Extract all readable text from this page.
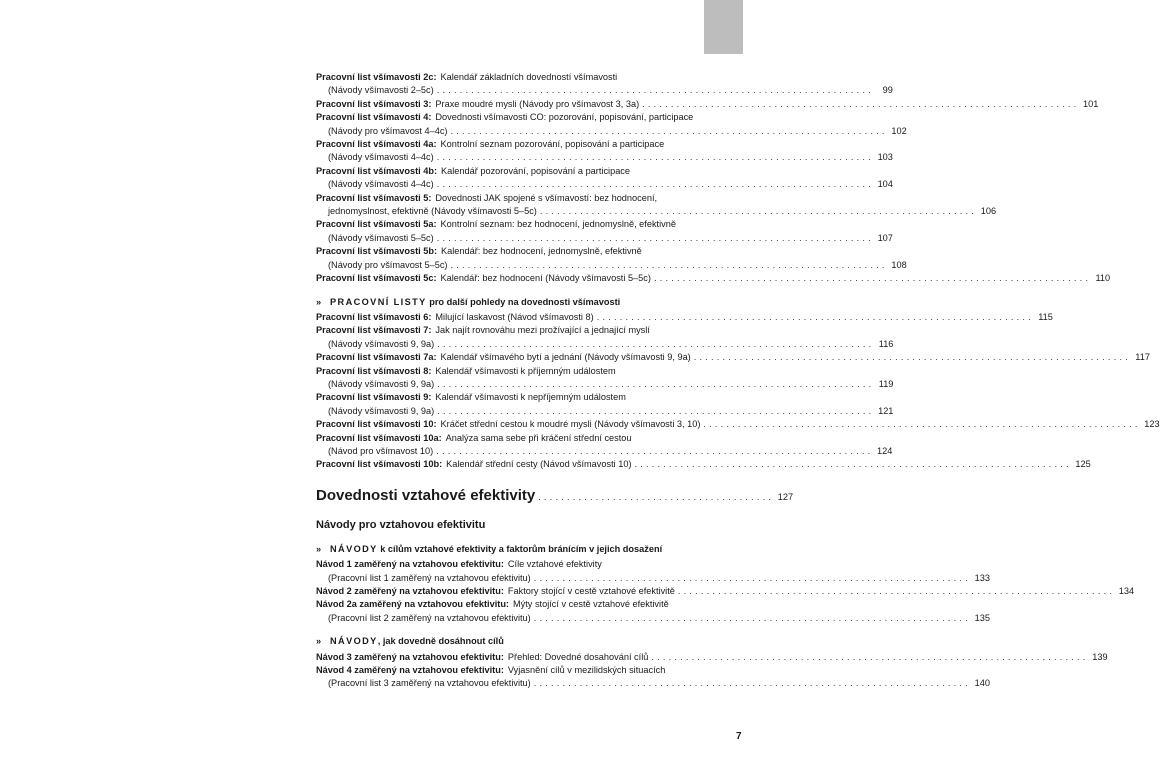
Pracovní list všímavosti 2c: Kalendář základních dovedností všímavosti
(Návody všímavosti 2–5c) ............................................................................ 99
Pracovní list všímavosti 3: Praxe moudré mysli (Návody pro všímavost 3, 3a) ............................................................................ 101
Pracovní list všímavosti 4: Dovednosti všímavosti CO: pozorování, popisování, participace
(Návody pro všímavost 4–4c) ............................................................................ 102
Pracovní list všímavosti 4a: Kontrolní seznam pozorování, popisování a participace
(Návody všímavosti 4–4c) ............................................................................ 103
Pracovní list všímavosti 4b: Kalendář pozorování, popisování a participace
(Návody všímavosti 4–4c) ............................................................................ 104
Pracovní list všímavosti 5: Dovednosti JAK spojené s všímavostí: bez hodnocení,
jednomyslnost, efektivně (Návody všímavosti 5–5c) ............................................................................ 106
Pracovní list všímavosti 5a: Kontrolní seznam: bez hodnocení, jednomyslně, efektivně
(Návody všímavosti 5–5c) ............................................................................ 107
Pracovní list všímavosti 5b: Kalendář: bez hodnocení, jednomyslně, efektivně
(Návody pro všímavost 5–5c) ............................................................................ 108
Pracovní list všímavosti 5c: Kalendář: bez hodnocení (Návody všímavosti 5–5c) ............................................................................ 110
» PRACOVNÍ LISTY pro další pohledy na dovednosti všímavosti
Pracovní list všímavosti 6: Milující laskavost (Návod všímavosti 8) ............................................................................ 115
Pracovní list všímavosti 7: Jak najít rovnováhu mezi prožívající a jednající myslí
(Návody všímavosti 9, 9a) ............................................................................ 116
Pracovní list všímavosti 7a: Kalendář všímavého bytí a jednání (Návody všímavosti 9, 9a) ............................................................................ 117
Pracovní list všímavosti 8: Kalendář všímavosti k příjemným událostem
(Návody všímavosti 9, 9a) ............................................................................ 119
Pracovní list všímavosti 9: Kalendář všímavosti k nepříjemným událostem
(Návody všímavosti 9, 9a) ............................................................................ 121
Pracovní list všímavosti 10: Kráčet střední cestou k moudré mysli (Návody všímavosti 3, 10) ............................................................................ 123
Pracovní list všímavosti 10a: Analýza sama sebe při kráčení střední cestou
(Návod pro všímavost 10) ............................................................................ 124
Pracovní list všímavosti 10b: Kalendář střední cesty (Návod všímavosti 10) ............................................................................ 125
Dovednosti vztahové efektivity ......................................... 127
Návody pro vztahovou efektivitu
» NÁVODY k cílům vztahové efektivity a faktorům bránícím v jejich dosažení
Návod 1 zaměřený na vztahovou efektivitu: Cíle vztahové efektivity
(Pracovní list 1 zaměřený na vztahovou efektivitu) ............................................................................ 133
Návod 2 zaměřený na vztahovou efektivitu: Faktory stojící v cestě vztahové efektivitě ............................................................................ 134
Návod 2a zaměřený na vztahovou efektivitu: Mýty stojící v cestě vztahové efektivitě
(Pracovní list 2 zaměřený na vztahovou efektivitu) ............................................................................ 135
» NÁVODY, jak dovedně dosáhnout cílů
Návod 3 zaměřený na vztahovou efektivitu: Přehled: Dovedné dosahování cílů ............................................................................ 139
Návod 4 zaměřený na vztahovou efektivitu: Vyjasnění cílů v mezilidských situacích
(Pracovní list 3 zaměřený na vztahovou efektivitu) ............................................................................ 140
7
